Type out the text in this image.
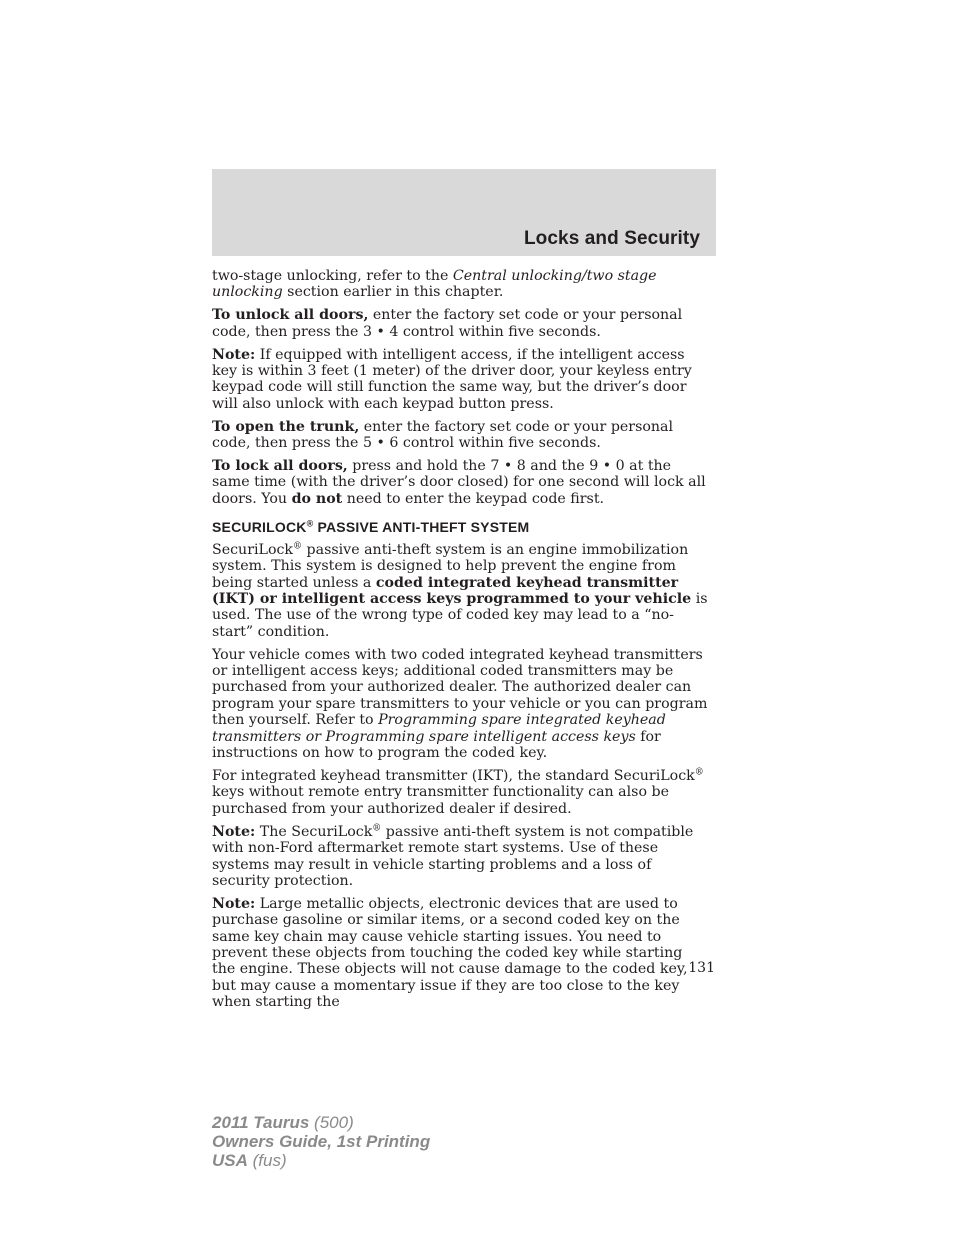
Locks and Security

two-stage unlocking, refer to the Central unlocking/two stage unlocking section earlier in this chapter.

To unlock all doors, enter the factory set code or your personal code, then press the 3 • 4 control within five seconds.

Note: If equipped with intelligent access, if the intelligent access key is within 3 feet (1 meter) of the driver door, your keyless entry keypad code will still function the same way, but the driver’s door will also unlock with each keypad button press.

To open the trunk, enter the factory set code or your personal code, then press the 5 • 6 control within five seconds.

To lock all doors, press and hold the 7 • 8 and the 9 • 0 at the same time (with the driver’s door closed) for one second will lock all doors. You do not need to enter the keypad code first.

SECURILOCK® PASSIVE ANTI-THEFT SYSTEM

SecuriLock® passive anti-theft system is an engine immobilization system. This system is designed to help prevent the engine from being started unless a coded integrated keyhead transmitter (IKT) or intelligent access keys programmed to your vehicle is used. The use of the wrong type of coded key may lead to a “no-start” condition.

Your vehicle comes with two coded integrated keyhead transmitters or intelligent access keys; additional coded transmitters may be purchased from your authorized dealer. The authorized dealer can program your spare transmitters to your vehicle or you can program then yourself. Refer to Programming spare integrated keyhead transmitters or Programming spare intelligent access keys for instructions on how to program the coded key.

For integrated keyhead transmitter (IKT), the standard SecuriLock® keys without remote entry transmitter functionality can also be purchased from your authorized dealer if desired.

Note: The SecuriLock® passive anti-theft system is not compatible with non-Ford aftermarket remote start systems. Use of these systems may result in vehicle starting problems and a loss of security protection.

Note: Large metallic objects, electronic devices that are used to purchase gasoline or similar items, or a second coded key on the same key chain may cause vehicle starting issues. You need to prevent these objects from touching the coded key while starting the engine. These objects will not cause damage to the coded key, but may cause a momentary issue if they are too close to the key when starting the

131
2011 Taurus (500)
Owners Guide, 1st Printing
USA (fus)
